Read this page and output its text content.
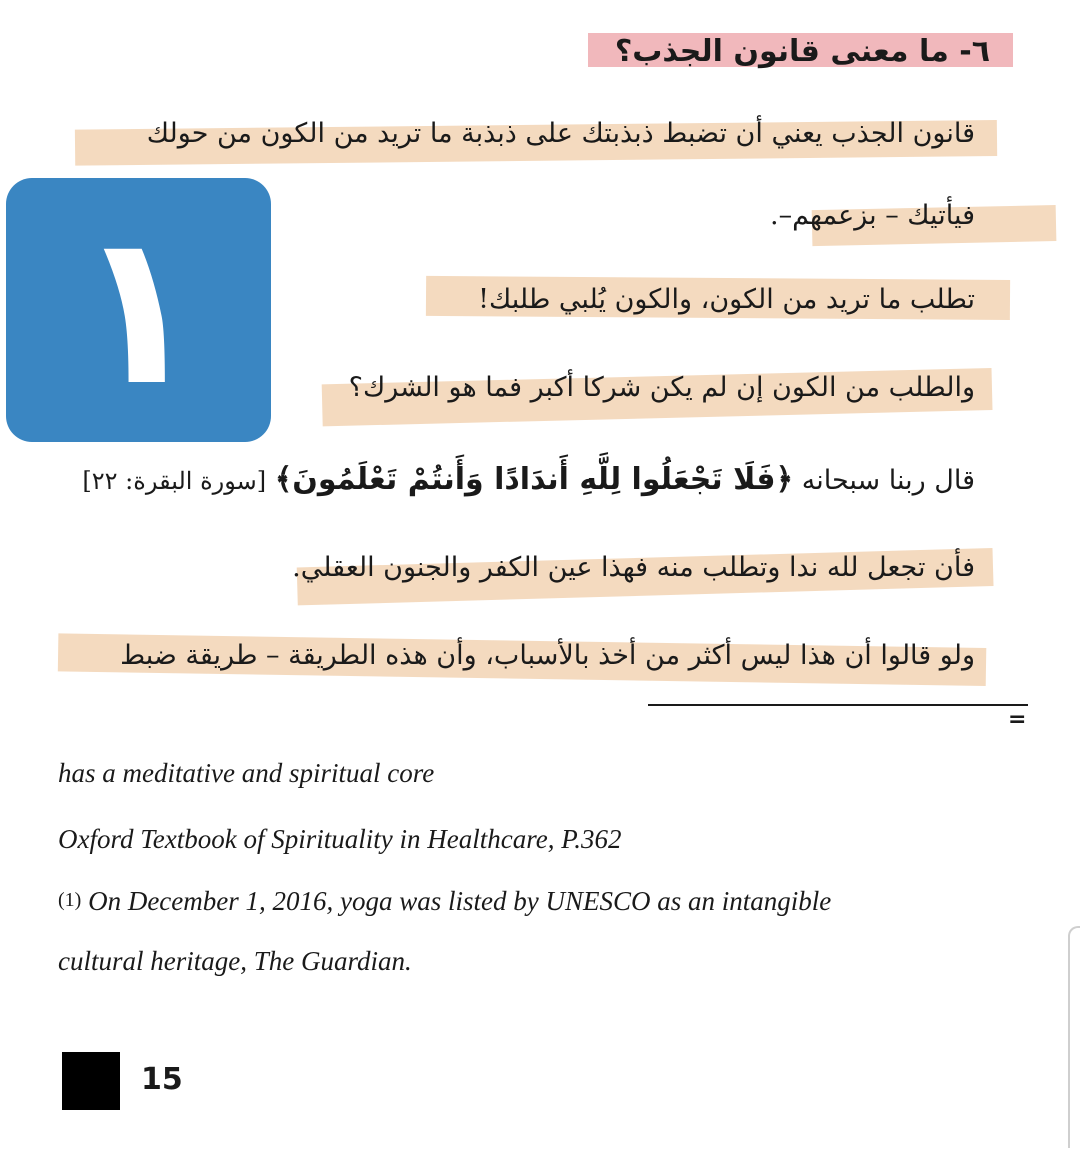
٦- ما معنى قانون الجذب؟
١
قانون الجذب يعني أن تضبط ذبذبتك على ذبذبة ما تريد من الكون من حولك
فيأتيك – بزعمهم–.
تطلب ما تريد من الكون، والكون يُلبي طلبك!
والطلب من الكون إن لم يكن شركا أكبر فما هو الشرك؟
قال ربنا سبحانه ﴿فَلَا تَجْعَلُوا لِلَّهِ أَندَادًا وَأَنتُمْ تَعْلَمُونَ﴾ [سورة البقرة: ٢٢]
فأن تجعل لله ندا وتطلب منه فهذا عين الكفر والجنون العقلي.
ولو قالوا أن هذا ليس أكثر من أخذ بالأسباب، وأن هذه الطريقة – طريقة ضبط
=
has a meditative and spiritual core
Oxford Textbook of Spirituality in Healthcare, P.362
(1) On December 1, 2016, yoga was listed by UNESCO as an intangible
cultural heritage, The Guardian.
15
